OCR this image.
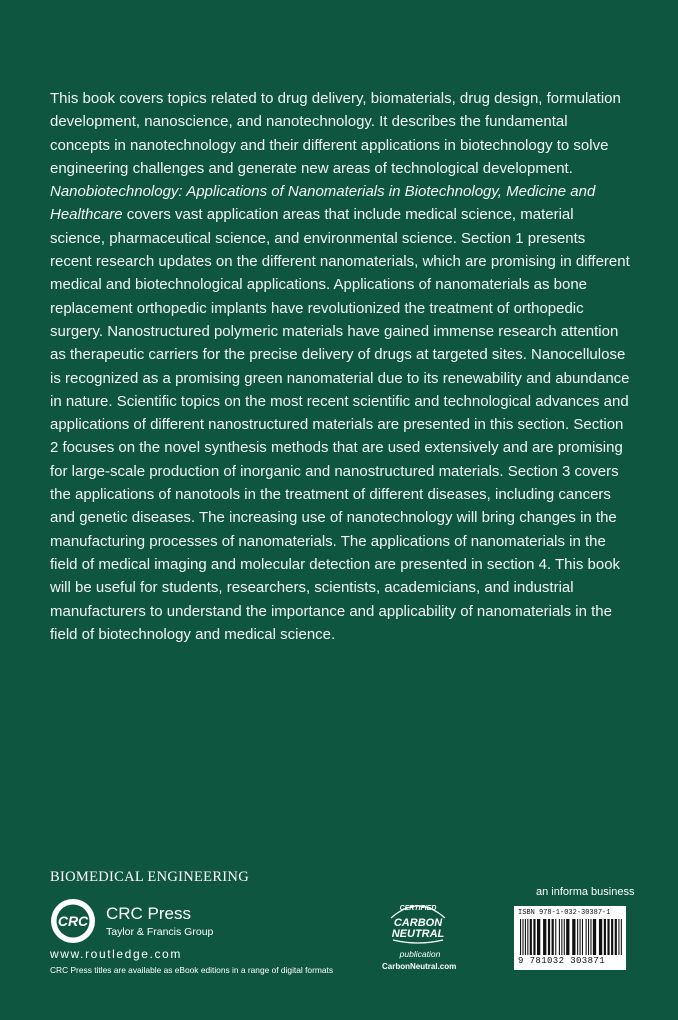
This book covers topics related to drug delivery, biomaterials, drug design, formulation development, nanoscience, and nanotechnology. It describes the fundamental concepts in nanotechnology and their different applications in biotechnology to solve engineering challenges and generate new areas of technological development. Nanobiotechnology: Applications of Nanomaterials in Biotechnology, Medicine and Healthcare covers vast application areas that include medical science, material science, pharmaceutical science, and environmental science. Section 1 presents recent research updates on the different nanomaterials, which are promising in different medical and biotechnological applications. Applications of nanomaterials as bone replacement orthopedic implants have revolutionized the treatment of orthopedic surgery. Nanostructured polymeric materials have gained immense research attention as therapeutic carriers for the precise delivery of drugs at targeted sites. Nanocellulose is recognized as a promising green nanomaterial due to its renewability and abundance in nature. Scientific topics on the most recent scientific and technological advances and applications of different nanostructured materials are presented in this section. Section 2 focuses on the novel synthesis methods that are used extensively and are promising for large-scale production of inorganic and nanostructured materials. Section 3 covers the applications of nanotools in the treatment of different diseases, including cancers and genetic diseases. The increasing use of nanotechnology will bring changes in the manufacturing processes of nanomaterials. The applications of nanomaterials in the field of medical imaging and molecular detection are presented in section 4. This book will be useful for students, researchers, scientists, academicians, and industrial manufacturers to understand the importance and applicability of nanomaterials in the field of biotechnology and medical science.

BIOMEDICAL ENGINEERING
CRC CRC Press
Taylor & Francis Group
www.routledge.com
CRC Press titles are available as eBook editions in a range of digital formats
CERTIFIED
CARBON
NEUTRAL
publication
CarbonNeutral.com
an informa business
ISBN 978-1-032-30387-1
9 781032 303871
